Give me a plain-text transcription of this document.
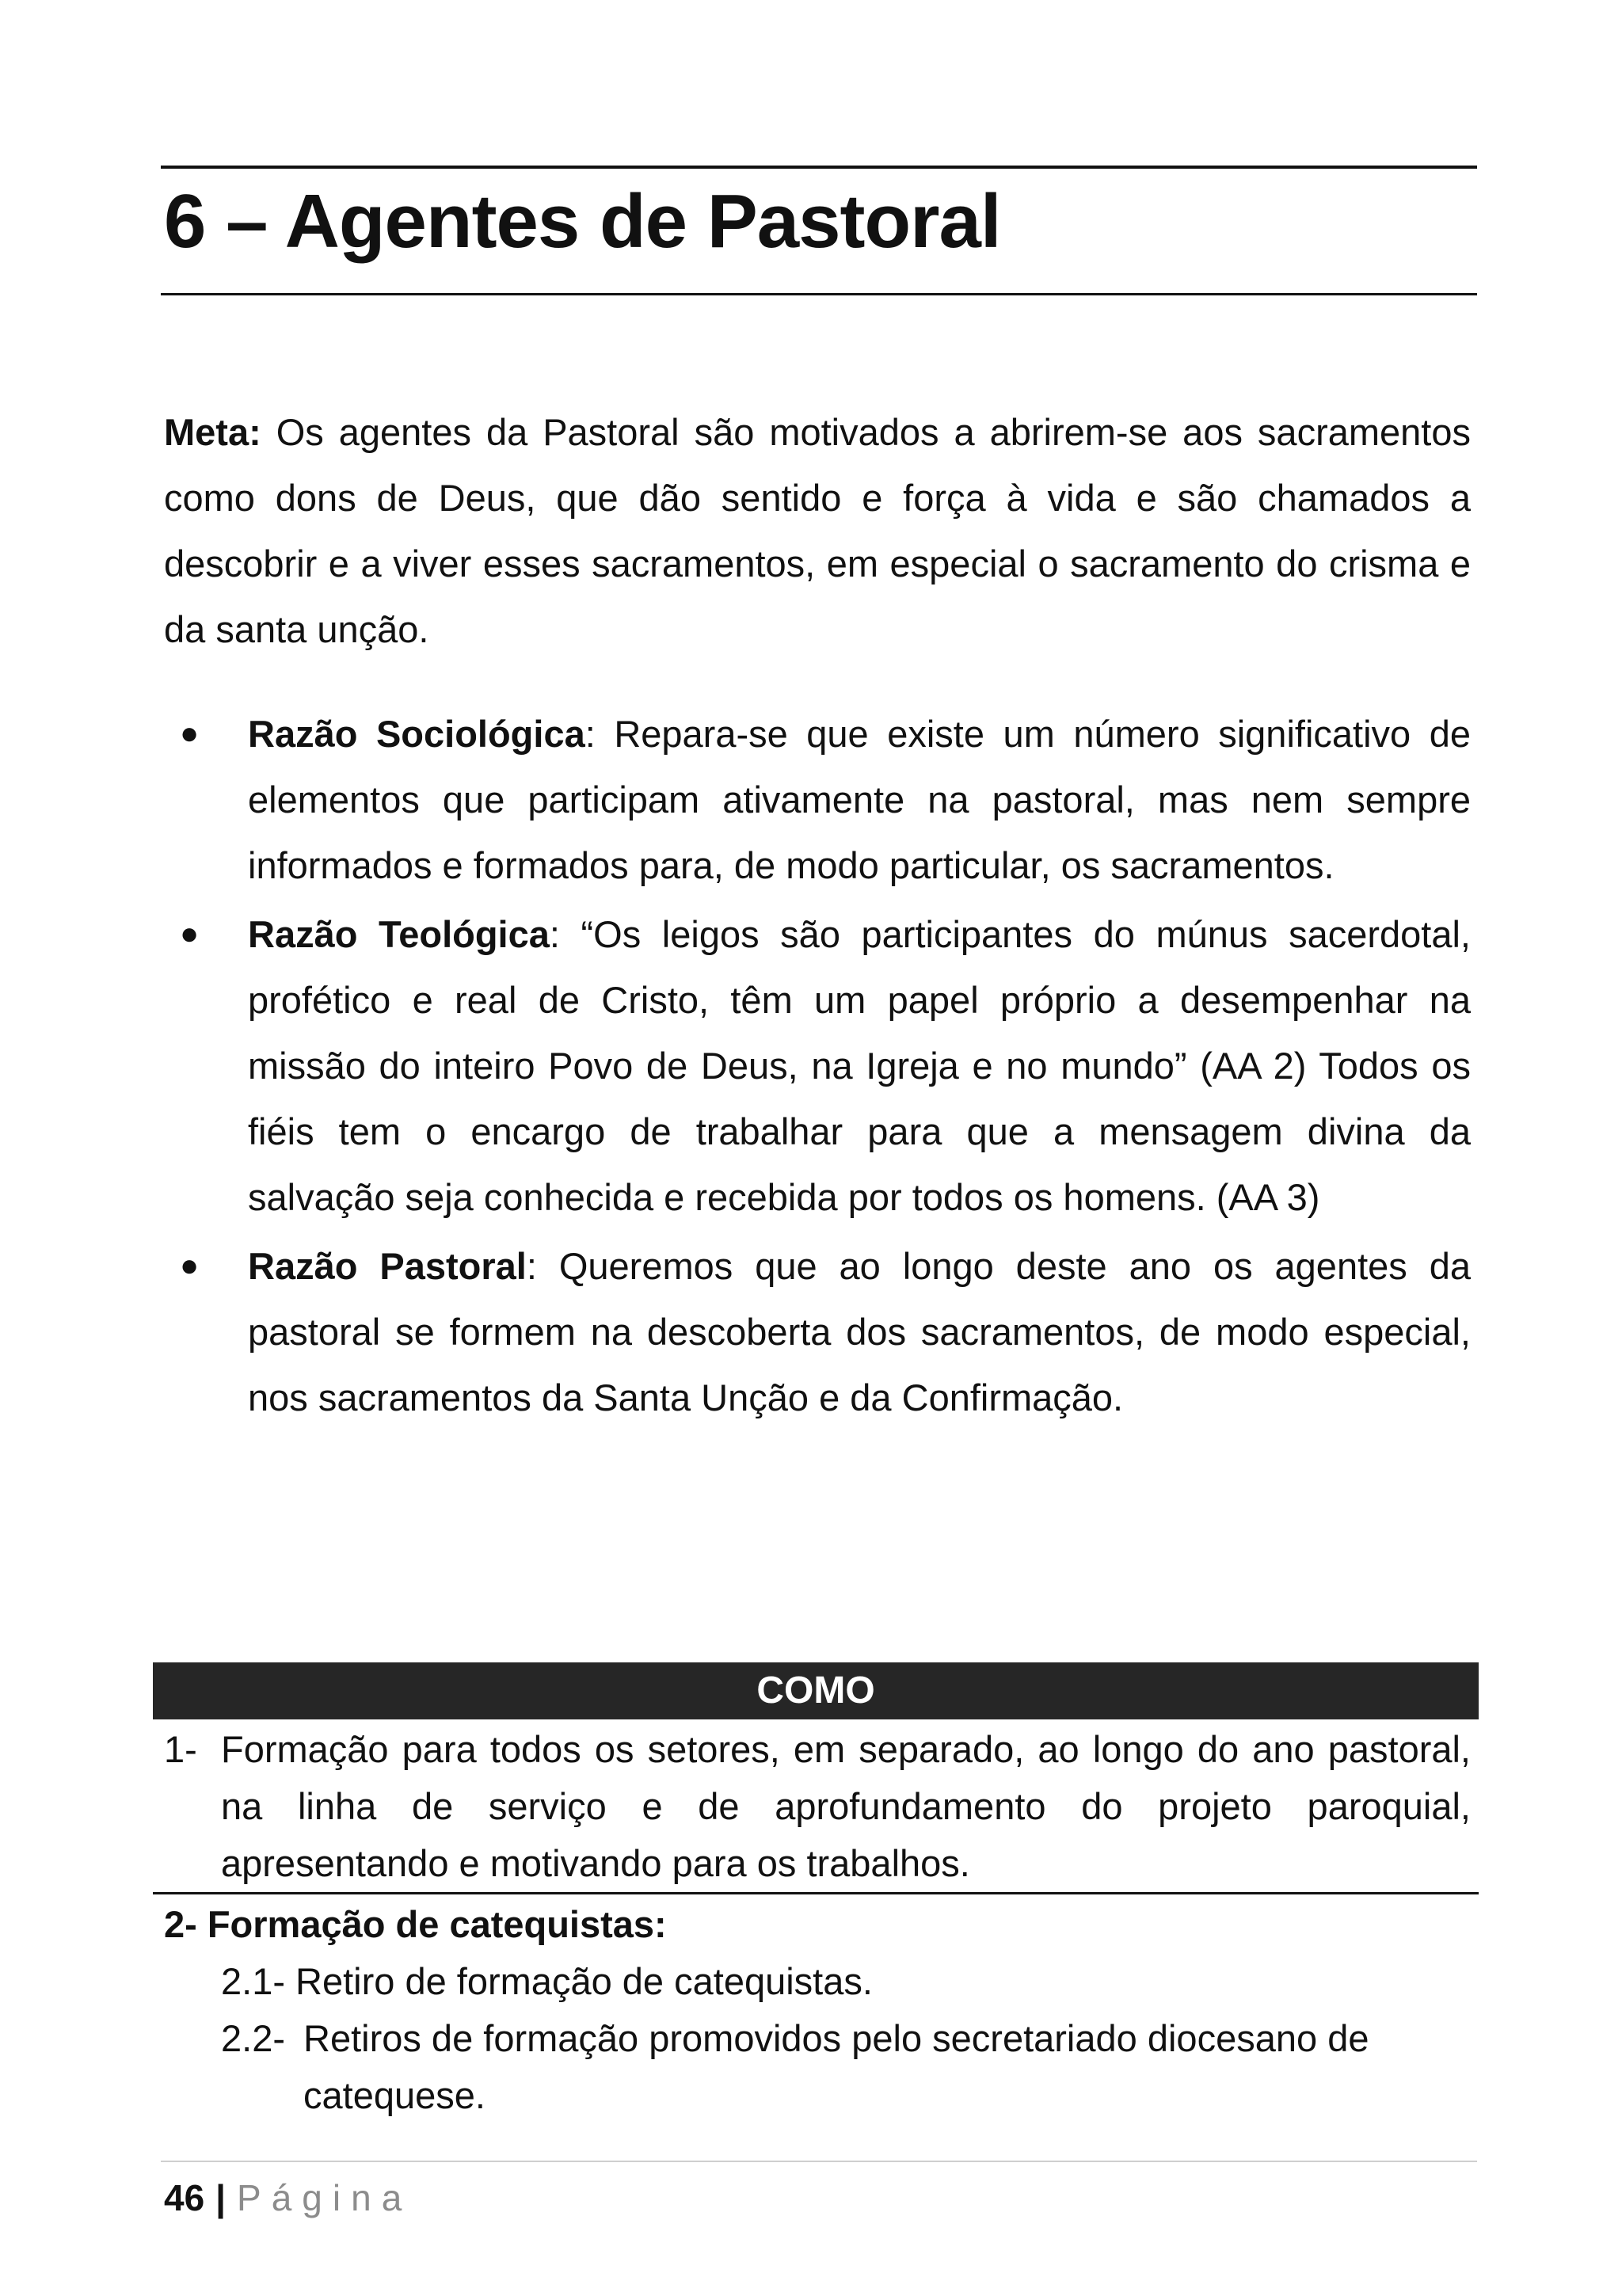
6 – Agentes de Pastoral
Meta: Os agentes da Pastoral são motivados a abrirem-se aos sacramentos como dons de Deus, que dão sentido e força à vida e são chamados a descobrir e a viver esses sacramentos, em especial o sacramento do crisma e da santa unção.
● Razão Sociológica: Repara-se que existe um número significativo de elementos que participam ativamente na pastoral, mas nem sempre informados e formados para, de modo particular, os sacramentos.
● Razão Teológica: “Os leigos são participantes do múnus sacerdotal, profético e real de Cristo, têm um papel próprio a desempenhar na missão do inteiro Povo de Deus, na Igreja e no mundo” (AA 2) Todos os fiéis tem o encargo de trabalhar para que a mensagem divina da salvação seja conhecida e recebida por todos os homens. (AA 3)
● Razão Pastoral: Queremos que ao longo deste ano os agentes da pastoral se formem na descoberta dos sacramentos, de modo especial, nos sacramentos da Santa Unção e da Confirmação.
COMO
1- Formação para todos os setores, em separado, ao longo do ano pastoral, na linha de serviço e de aprofundamento do projeto paroquial, apresentando e motivando para os trabalhos.
2- Formação de catequistas:
2.1- Retiro de formação de catequistas.
2.2- Retiros de formação promovidos pelo secretariado diocesano de catequese.
46 | Página
